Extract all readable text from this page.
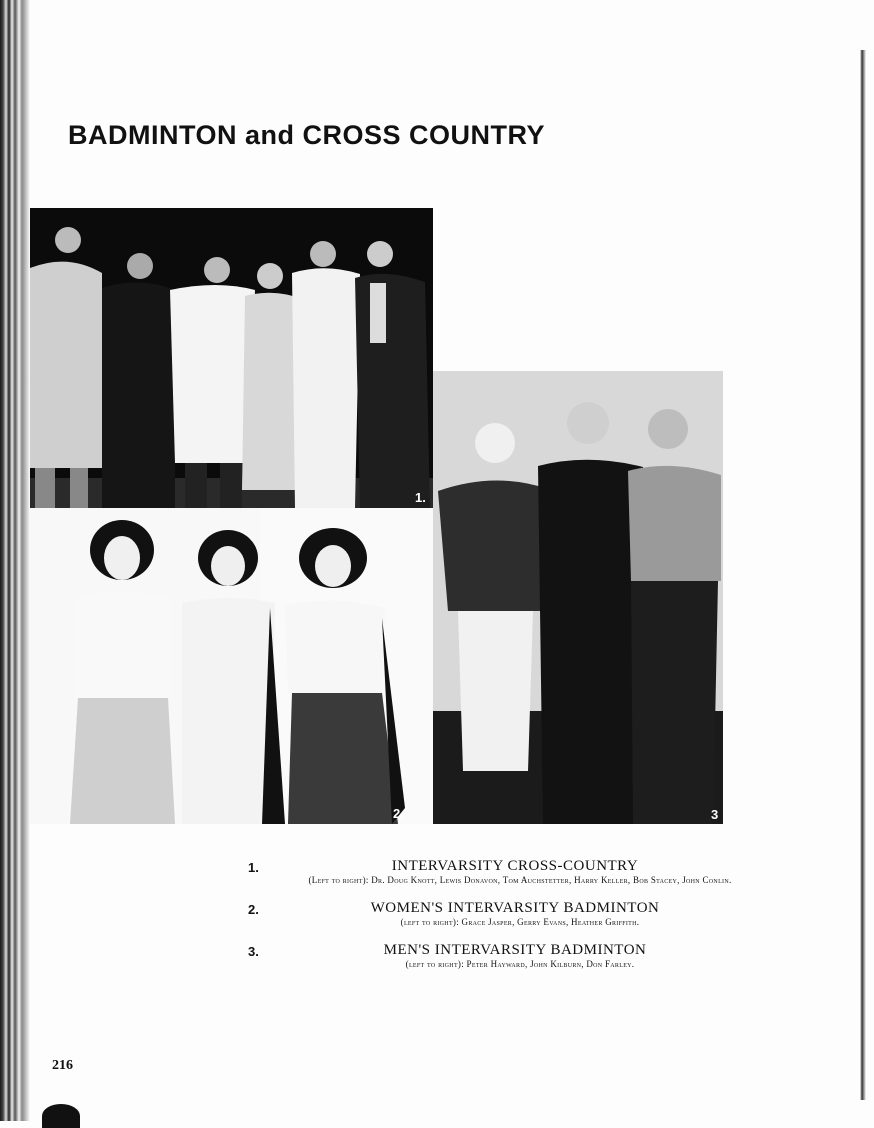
BADMINTON and CROSS COUNTRY
1.
2.	3
1.	INTERVARSITY CROSS-COUNTRY
(Left to right): Dr. Doug Knott, Lewis Donavon, Tom Auchstetter, Harry Keller, Bob Stacey, John Conlin.
2.	WOMEN'S INTERVARSITY BADMINTON
(left to right): Grace Jasper, Gerry Evans, Heather Griffith.
3.	MEN'S INTERVARSITY BADMINTON
(left to right): Peter Hayward, John Kilburn, Don Farley.
216
